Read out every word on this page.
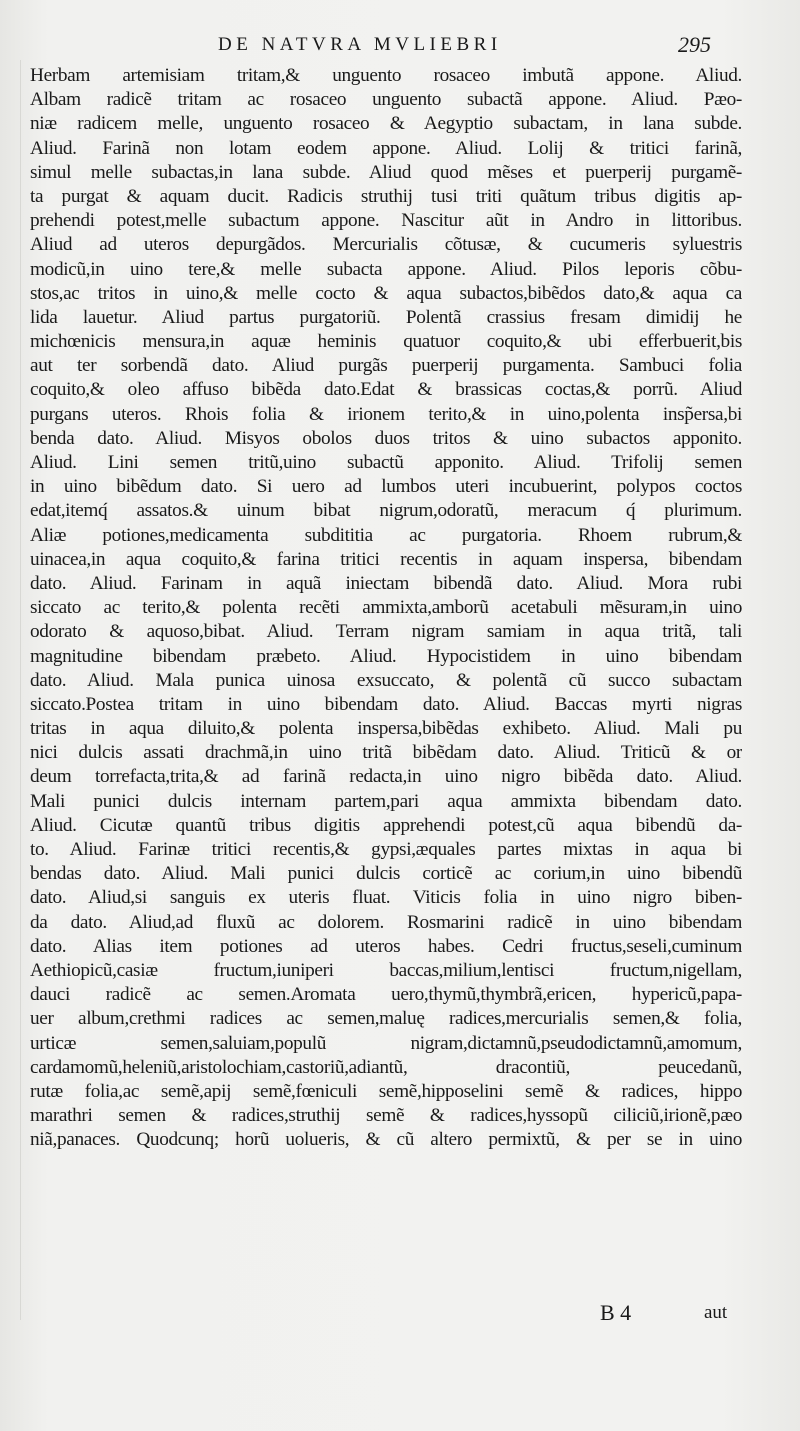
DE NATVRA MVLIEBRI	295
Herbam artemisiam tritam,& unguento rosaceo imbutã appone. Aliud.
Albam radicẽ tritam ac rosaceo unguento subactã appone. Aliud. Pæo-
niæ radicem melle, unguento rosaceo & Aegyptio subactam, in lana subde.
Aliud. Farinã non lotam eodem appone. Aliud. Lolij & tritici farinã,
simul melle subactas,in lana subde. Aliud quod mẽses et puerperij purgamẽ-
ta purgat & aquam ducit. Radicis struthij tusi triti quãtum tribus digitis ap-
prehendi potest,melle subactum appone. Nascitur aũt in Andro in littoribus.
Aliud ad uteros depurgãdos. Mercurialis cõtusæ, & cucumeris syluestris
modicũ,in uino tere,& melle subacta appone. Aliud. Pilos leporis cõbu-
stos,ac tritos in uino,& melle cocto & aqua subactos,bibẽdos dato,& aqua ca
lida lauetur. Aliud partus purgatoriũ. Polentã crassius fresam dimidij he
michœnicis mensura,in aquæ heminis quatuor coquito,& ubi efferbuerit,bis
aut ter sorbendã dato. Aliud purgãs puerperij purgamenta. Sambuci folia
coquito,& oleo affuso bibẽda dato.Edat & brassicas coctas,& porrũ. Aliud
purgans uteros. Rhois folia & irionem terito,& in uino,polenta insp̃ersa,bi
benda dato. Aliud. Misyos obolos duos tritos & uino subactos apponito.
Aliud. Lini semen tritũ,uino subactũ apponito. Aliud. Trifolij semen
in uino bibẽdum dato. Si uero ad lumbos uteri incubuerint, polypos coctos
edat,itemq́ assatos.& uinum bibat nigrum,odoratũ, meracum q́ plurimum.
Aliæ potiones,medicamenta subdititia ac purgatoria. Rhoem rubrum,&
uinacea,in aqua coquito,& farina tritici recentis in aquam inspersa, bibendam
dato. Aliud. Farinam in aquã iniectam bibendã dato. Aliud. Mora rubi
siccato ac terito,& polenta recẽti ammixta,amborũ acetabuli mẽsuram,in uino
odorato & aquoso,bibat. Aliud. Terram nigram samiam in aqua tritã, tali
magnitudine bibendam præbeto. Aliud. Hypocistidem in uino bibendam
dato. Aliud. Mala punica uinosa exsuccato, & polentã cũ succo subactam
siccato.Postea tritam in uino bibendam dato. Aliud. Baccas myrti nigras
tritas in aqua diluito,& polenta inspersa,bibẽdas exhibeto. Aliud. Mali pu
nici dulcis assati drachmã,in uino tritã bibẽdam dato. Aliud. Triticũ & or
deum torrefacta,trita,& ad farinã redacta,in uino nigro bibẽda dato. Aliud.
Mali punici dulcis internam partem,pari aqua ammixta bibendam dato.
Aliud. Cicutæ quantũ tribus digitis apprehendi potest,cũ aqua bibendũ da-
to. Aliud. Farinæ tritici recentis,& gypsi,æquales partes mixtas in aqua bi
bendas dato. Aliud. Mali punici dulcis corticẽ ac corium,in uino bibendũ
dato. Aliud,si sanguis ex uteris fluat. Viticis folia in uino nigro biben-
da dato. Aliud,ad fluxũ ac dolorem. Rosmarini radicẽ in uino bibendam
dato. Alias item potiones ad uteros habes. Cedri fructus,seseli,cuminum
Aethiopicũ,casiæ fructum,iuniperi baccas,milium,lentisci fructum,nigellam,
dauci radicẽ ac semen.Aromata uero,thymũ,thymbrã,ericen, hypericũ,papa-
uer album,crethmi radices ac semen,maluę radices,mercurialis semen,& folia,
urticæ semen,saluiam,populũ nigram,dictamnũ,pseudodictamnũ,amomum,
cardamomũ,heleniũ,aristolochiam,castoriũ,adiantũ, dracontiũ, peucedanũ,
rutæ folia,ac semẽ,apij semẽ,fœniculi semẽ,hipposelini semẽ & radices, hippo
marathri semen & radices,struthij semẽ & radices,hyssopũ ciliciũ,irionẽ,pæo
niã,panaces. Quodcunq; horũ uolueris, & cũ altero permixtũ, & per se in uino
B 4	aut
